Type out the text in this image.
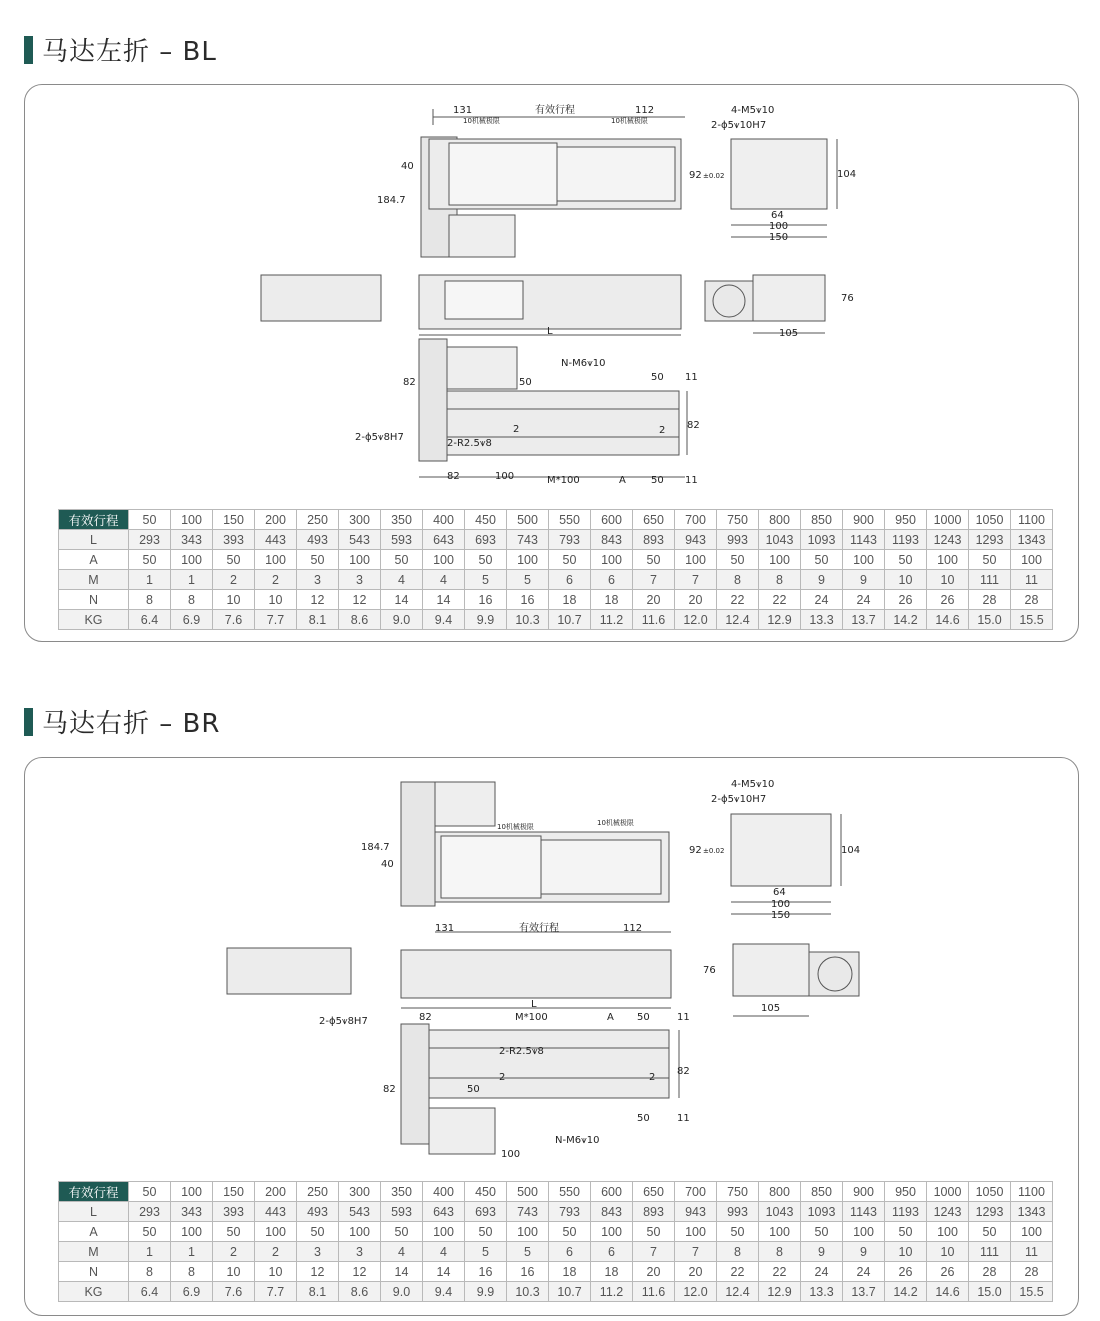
马达左折 – BL
131	有效行程	112
10机械极限	10机械极限
40
184.7
92 ±0.02	104
4-M5⩛10
2-ϕ5⩛10H7
64
100
150
76
105
L
N-M6⩛10
82	50	50 11
2-ϕ5⩛8H7
2
2-R2.5⩛8
2 82
82	100	M*100	A	50 11
有效行程	50	100	150	200	250	300	350	400	450	500	550	600	650	700	750	800	850	900	950	1000	1050	1100
L	293	343	393	443	493	543	593	643	693	743	793	843	893	943	993	1043	1093	1143	1193	1243	1293	1343
A	50	100	50	100	50	100	50	100	50	100	50	100	50	100	50	100	50	100	50	100	50	100
M	1	1	2	2	3	3	4	4	5	5	6	6	7	7	8	8	9	9	10	10	111	11
N	8	8	10	10	12	12	14	14	16	16	18	18	20	20	22	22	24	24	26	26	28	28
KG	6.4	6.9	7.6	7.7	8.1	8.6	9.0	9.4	9.9	10.3	10.7	11.2	11.6	12.0	12.4	12.9	13.3	13.7	14.2	14.6	15.0	15.5
马达右折 – BR
184.7
40
10机械极限	10机械极限
131	有效行程	112
92 ±0.02	104
4-M5⩛10
2-ϕ5⩛10H7
64
100
150
76
105
L
2-ϕ5⩛8H7	82	M*100	A 50	11
2-R2.5⩛8
2	2
82
82	50
50	11
N-M6⩛10
100
有效行程	50	100	150	200	250	300	350	400	450	500	550	600	650	700	750	800	850	900	950	1000	1050	1100
L	293	343	393	443	493	543	593	643	693	743	793	843	893	943	993	1043	1093	1143	1193	1243	1293	1343
A	50	100	50	100	50	100	50	100	50	100	50	100	50	100	50	100	50	100	50	100	50	100
M	1	1	2	2	3	3	4	4	5	5	6	6	7	7	8	8	9	9	10	10	111	11
N	8	8	10	10	12	12	14	14	16	16	18	18	20	20	22	22	24	24	26	26	28	28
KG	6.4	6.9	7.6	7.7	8.1	8.6	9.0	9.4	9.9	10.3	10.7	11.2	11.6	12.0	12.4	12.9	13.3	13.7	14.2	14.6	15.0	15.5
